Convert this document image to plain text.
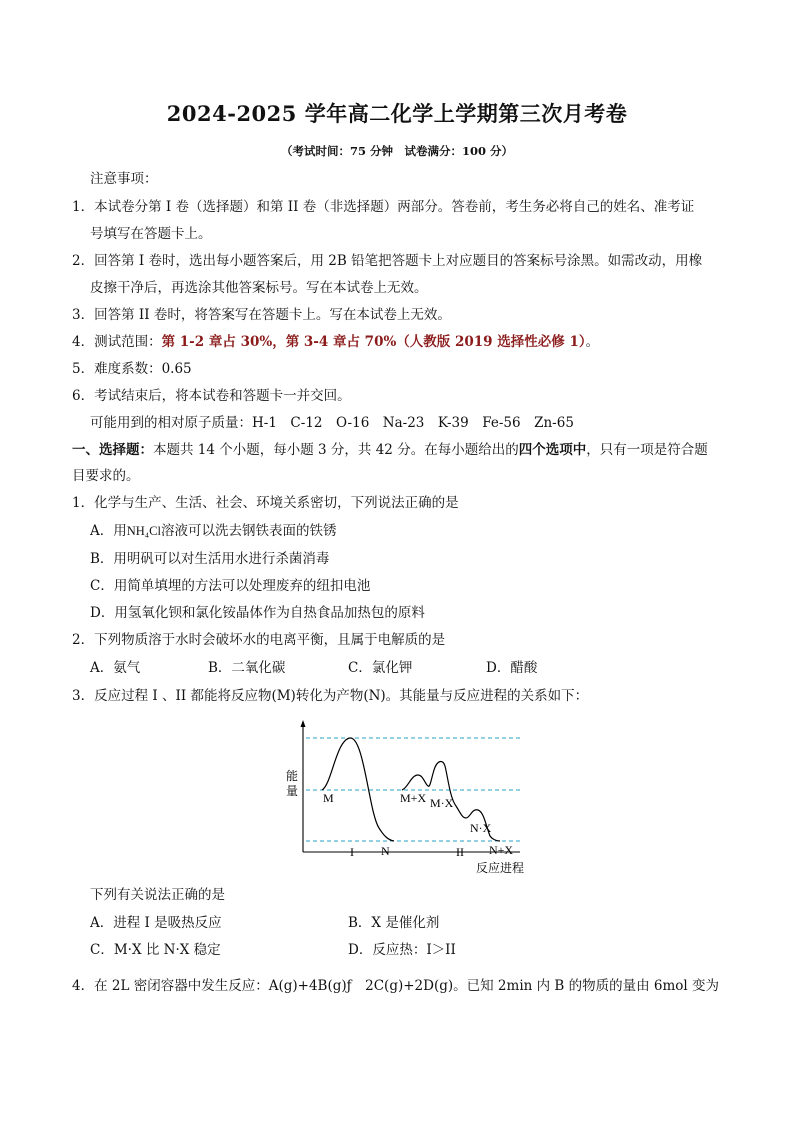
2024-2025 学年高二化学上学期第三次月考卷
（考试时间：75 分钟　试卷满分：100 分）
注意事项：
1．本试卷分第 I 卷（选择题）和第 II 卷（非选择题）两部分。答卷前，考生务必将自己的姓名、准考证
号填写在答题卡上。
2．回答第 I 卷时，选出每小题答案后，用 2B 铅笔把答题卡上对应题目的答案标号涂黑。如需改动，用橡
皮擦干净后，再选涂其他答案标号。写在本试卷上无效。
3．回答第 II 卷时，将答案写在答题卡上。写在本试卷上无效。
4．测试范围：第 1-2 章占 30%，第 3-4 章占 70%（人教版 2019 选择性必修 1）。
5．难度系数：0.65
6．考试结束后，将本试卷和答题卡一并交回。
可能用到的相对原子质量：H-1　C-12　O-16　Na-23　K-39　Fe-56　Zn-65
一、选择题：本题共 14 个小题，每小题 3 分，共 42 分。在每小题给出的四个选项中，只有一项是符合题
目要求的。
1．化学与生产、生活、社会、环境关系密切，下列说法正确的是
A．用NH₄Cl溶液可以洗去钢铁表面的铁锈
B．用明矾可以对生活用水进行杀菌消毒
C．用简单填埋的方法可以处理废弃的纽扣电池
D．用氢氧化钡和氯化铵晶体作为自热食品加热包的原料
2．下列物质溶于水时会破坏水的电离平衡，且属于电解质的是
A．氨气	B．二氧化碳	C．氯化钾	D．醋酸
3．反应过程 I 、II 都能将反应物(M)转化为产物(N)。其能量与反应进程的关系如下：
能
量 M
N
I	II
M+X M·X
N·X
N+X
反应进程
下列有关说法正确的是
A．进程 I 是吸热反应	B．X 是催化剂
C．M·X 比 N·X 稳定	D．反应热：I＞II
4．在 2L 密闭容器中发生反应：A(g)+4B(g)ƒ　2C(g)+2D(g)。已知 2min 内 B 的物质的量由 6mol 变为
